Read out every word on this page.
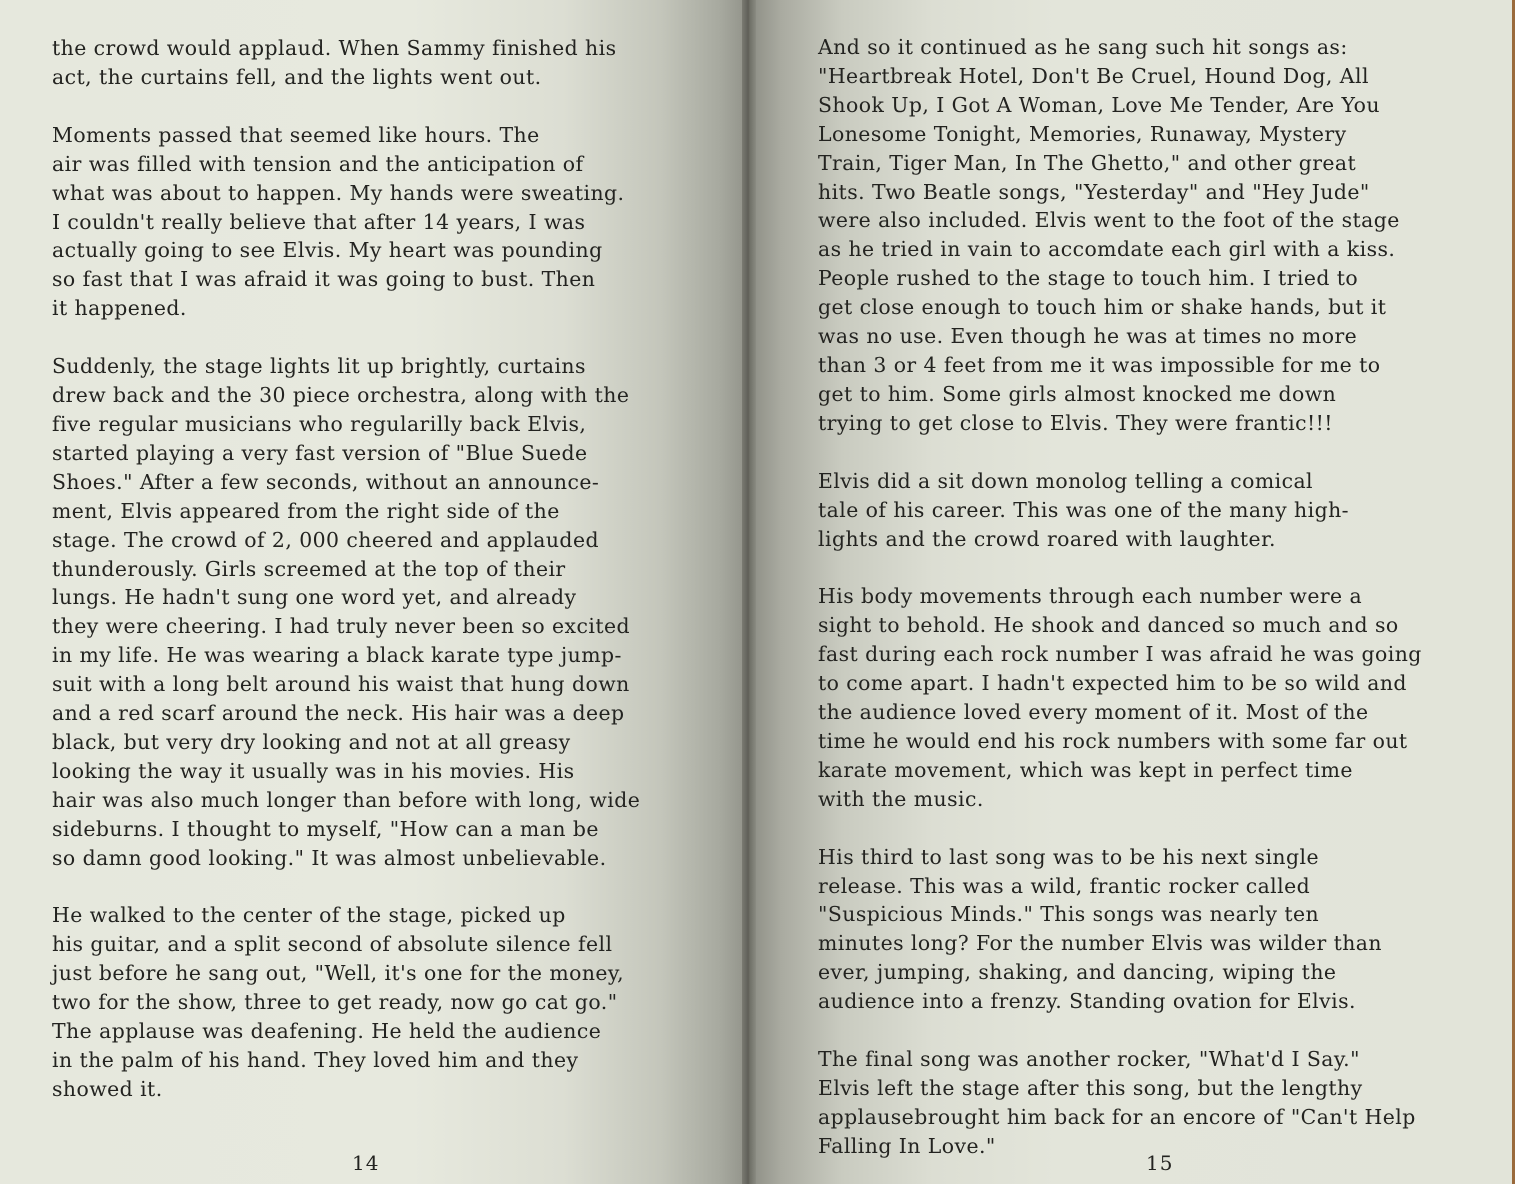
the crowd would applaud. When Sammy finished his
act, the curtains fell, and the lights went out.

Moments passed that seemed like hours. The
air was filled with tension and the anticipation of
what was about to happen. My hands were sweating.
I couldn't really believe that after 14 years, I was
actually going to see Elvis. My heart was pounding
so fast that I was afraid it was going to bust. Then
it happened.

Suddenly, the stage lights lit up brightly, curtains
drew back and the 30 piece orchestra, along with the
five regular musicians who regularilly back Elvis,
started playing a very fast version of "Blue Suede
Shoes." After a few seconds, without an announce-
ment, Elvis appeared from the right side of the
stage. The crowd of 2, 000 cheered and applauded
thunderously. Girls screemed at the top of their
lungs. He hadn't sung one word yet, and already
they were cheering. I had truly never been so excited
in my life. He was wearing a black karate type jump-
suit with a long belt around his waist that hung down
and a red scarf around the neck. His hair was a deep
black, but very dry looking and not at all greasy
looking the way it usually was in his movies. His
hair was also much longer than before with long, wide
sideburns. I thought to myself, "How can a man be
so damn good looking." It was almost unbelievable.

He walked to the center of the stage, picked up
his guitar, and a split second of absolute silence fell
just before he sang out, "Well, it's one for the money,
two for the show, three to get ready, now go cat go."
The applause was deafening. He held the audience
in the palm of his hand. They loved him and they
showed it.

14

And so it continued as he sang such hit songs as:
"Heartbreak Hotel, Don't Be Cruel, Hound Dog, All
Shook Up, I Got A Woman, Love Me Tender, Are You
Lonesome Tonight, Memories, Runaway, Mystery
Train, Tiger Man, In The Ghetto," and other great
hits. Two Beatle songs, "Yesterday" and "Hey Jude"
were also included. Elvis went to the foot of the stage
as he tried in vain to accomdate each girl with a kiss.
People rushed to the stage to touch him. I tried to
get close enough to touch him or shake hands, but it
was no use. Even though he was at times no more
than 3 or 4 feet from me it was impossible for me to
get to him. Some girls almost knocked me down
trying to get close to Elvis. They were frantic!!!

Elvis did a sit down monolog telling a comical
tale of his career. This was one of the many high-
lights and the crowd roared with laughter.

His body movements through each number were a
sight to behold. He shook and danced so much and so
fast during each rock number I was afraid he was going
to come apart. I hadn't expected him to be so wild and
the audience loved every moment of it. Most of the
time he would end his rock numbers with some far out
karate movement, which was kept in perfect time
with the music.

His third to last song was to be his next single
release. This was a wild, frantic rocker called
"Suspicious Minds." This songs was nearly ten
minutes long? For the number Elvis was wilder than
ever, jumping, shaking, and dancing, wiping the
audience into a frenzy. Standing ovation for Elvis.

The final song was another rocker, "What'd I Say."
Elvis left the stage after this song, but the lengthy
applausebrought him back for an encore of "Can't Help
Falling In Love."

15
